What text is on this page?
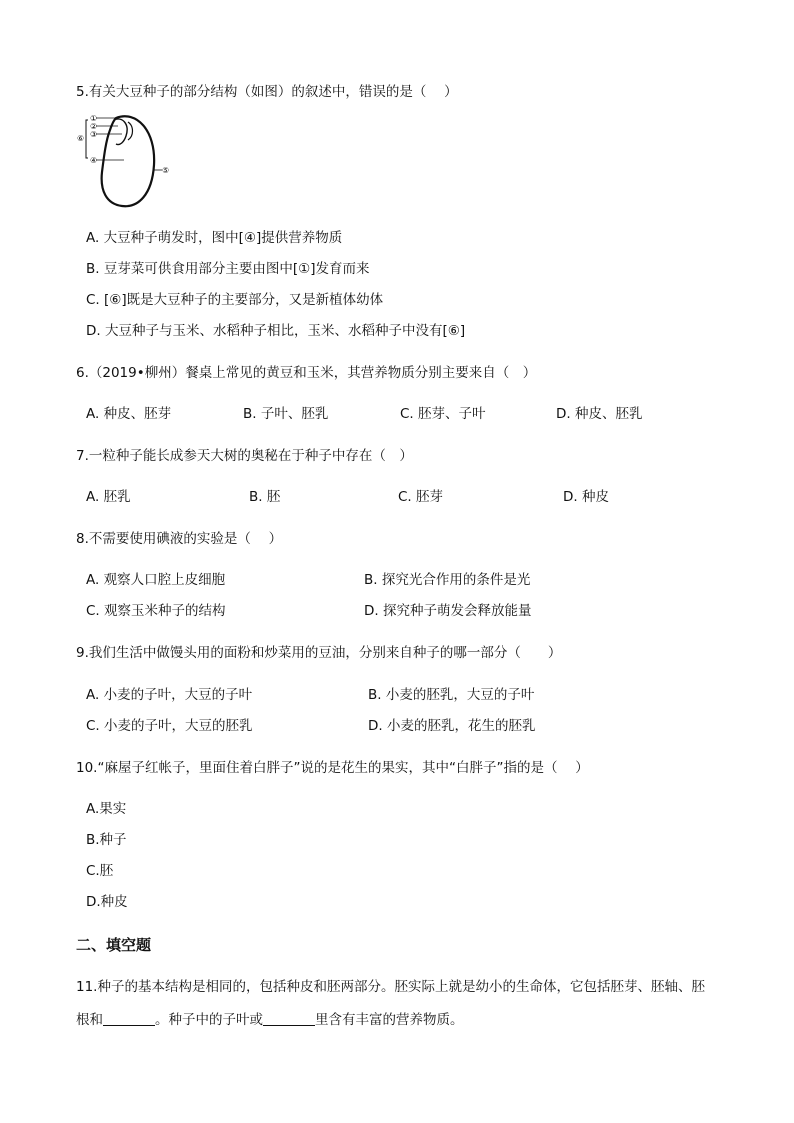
5.有关大豆种子的部分结构（如图）的叙述中，错误的是（　 ）
①
②
③
④
⑤
⑥
A. 大豆种子萌发时，图中[④]提供营养物质
B. 豆芽菜可供食用部分主要由图中[①]发育而来
C. [⑥]既是大豆种子的主要部分，又是新植体幼体
D. 大豆种子与玉米、水稻种子相比，玉米、水稻种子中没有[⑥]
6.（2019•柳州）餐桌上常见的黄豆和玉米，其营养物质分别主要来自（　）
A. 种皮、胚芽	B. 子叶、胚乳	C. 胚芽、子叶	D. 种皮、胚乳
7.一粒种子能长成参天大树的奥秘在于种子中存在（　）
A. 胚乳	B. 胚	C. 胚芽	D. 种皮
8.不需要使用碘液的实验是（　 ）
A. 观察人口腔上皮细胞	B. 探究光合作用的条件是光
C. 观察玉米种子的结构	D. 探究种子萌发会释放能量
9.我们生活中做馒头用的面粉和炒菜用的豆油，分别来自种子的哪一部分（　　）
A. 小麦的子叶，大豆的子叶	B. 小麦的胚乳，大豆的子叶
C. 小麦的子叶，大豆的胚乳	D. 小麦的胚乳，花生的胚乳
10.“麻屋子红帐子，里面住着白胖子”说的是花生的果实，其中“白胖子”指的是（　 ）
A.果实
B.种子
C.胚
D.种皮
二、填空题
11.种子的基本结构是相同的，包括种皮和胚两部分。胚实际上就是幼小的生命体，它包括胚芽、胚轴、胚
根和	。种子中的子叶或	里含有丰富的营养物质。
